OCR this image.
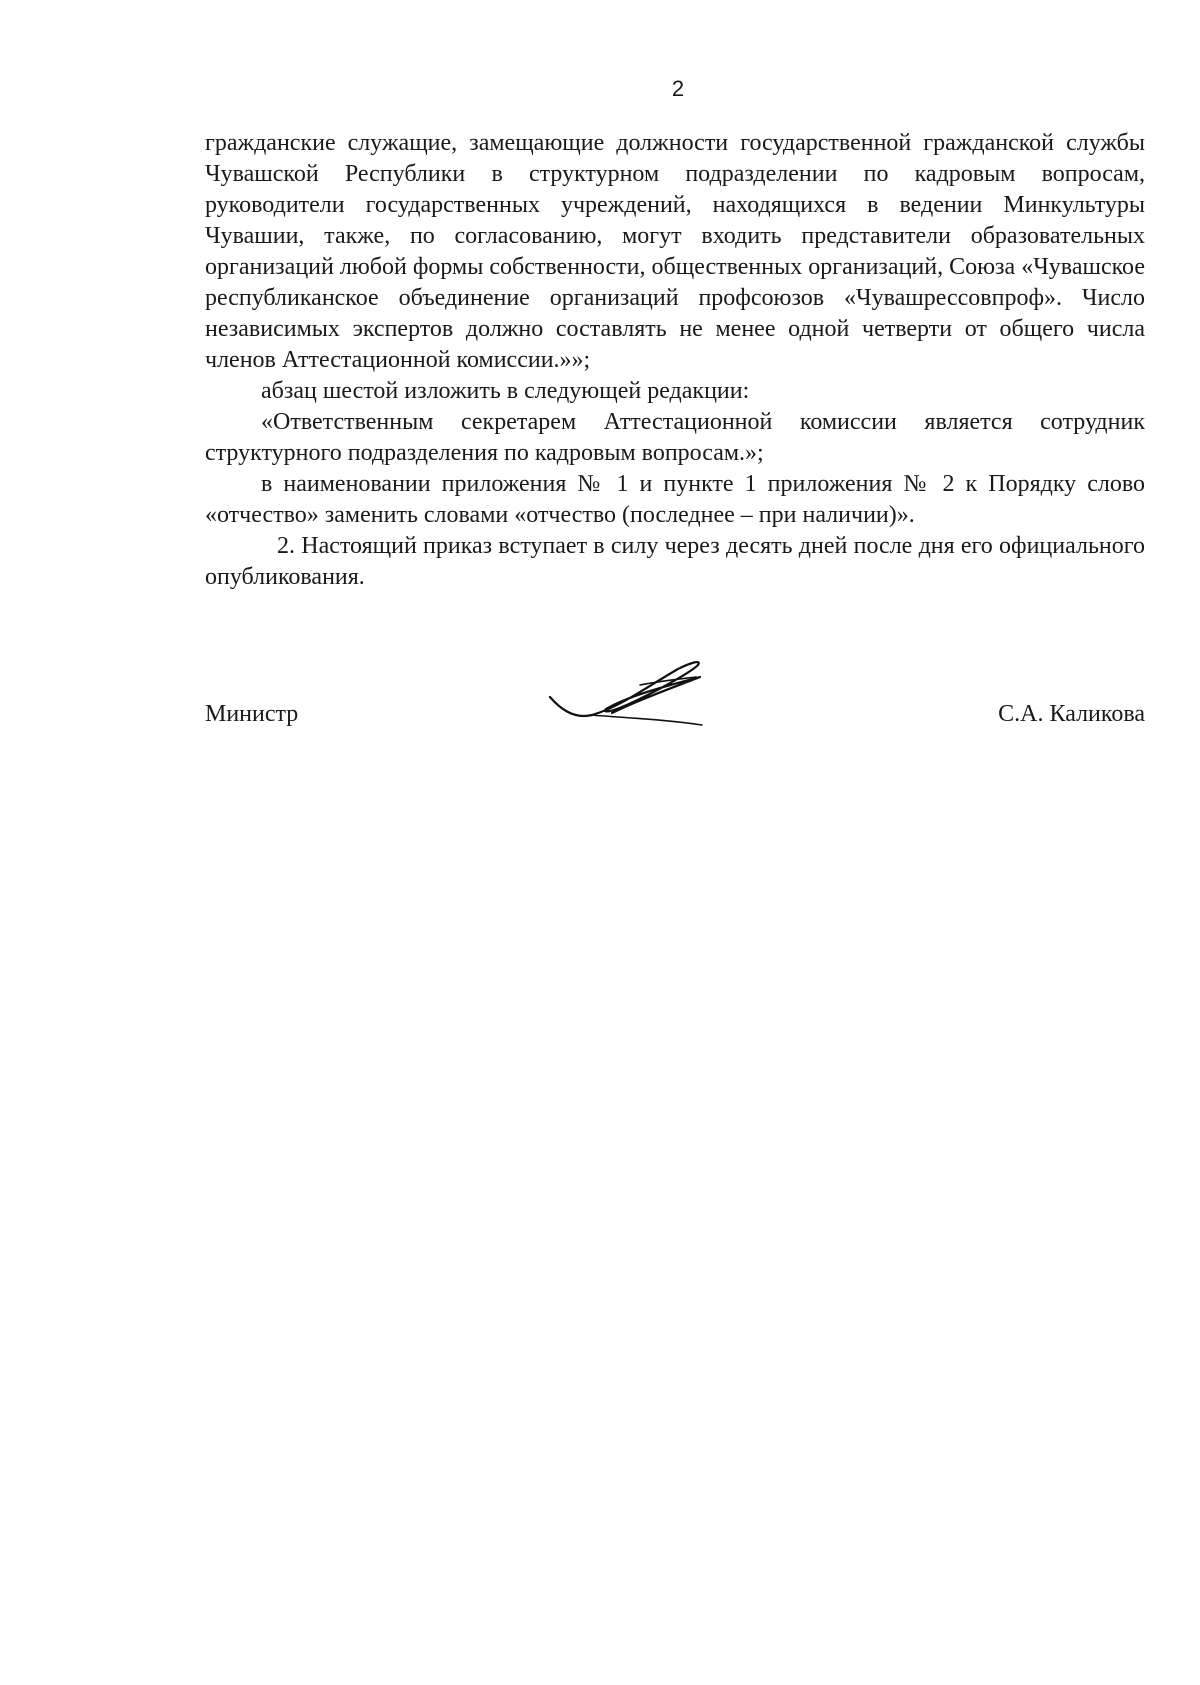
2

гражданские служащие, замещающие должности государственной гражданской службы Чувашской Республики в структурном подразделении по кадровым вопросам, руководители государственных учреждений, находящихся в ведении Минкультуры Чувашии, также, по согласованию, могут входить представители образовательных организаций любой формы собственности, общественных организаций, Союза «Чувашское республиканское объединение организаций профсоюзов «Чувашрессовпроф». Число независимых экспертов должно составлять не менее одной четверти от общего числа членов Аттестационной комиссии.»»;

абзац шестой изложить в следующей редакции:

«Ответственным секретарем Аттестационной комиссии является сотрудник структурного подразделения по кадровым вопросам.»;

в наименовании приложения № 1 и пункте 1 приложения № 2 к Порядку слово «отчество» заменить словами «отчество (последнее – при наличии)».

2. Настоящий приказ вступает в силу через десять дней после дня его официального опубликования.

Министр	С.А. Каликова
